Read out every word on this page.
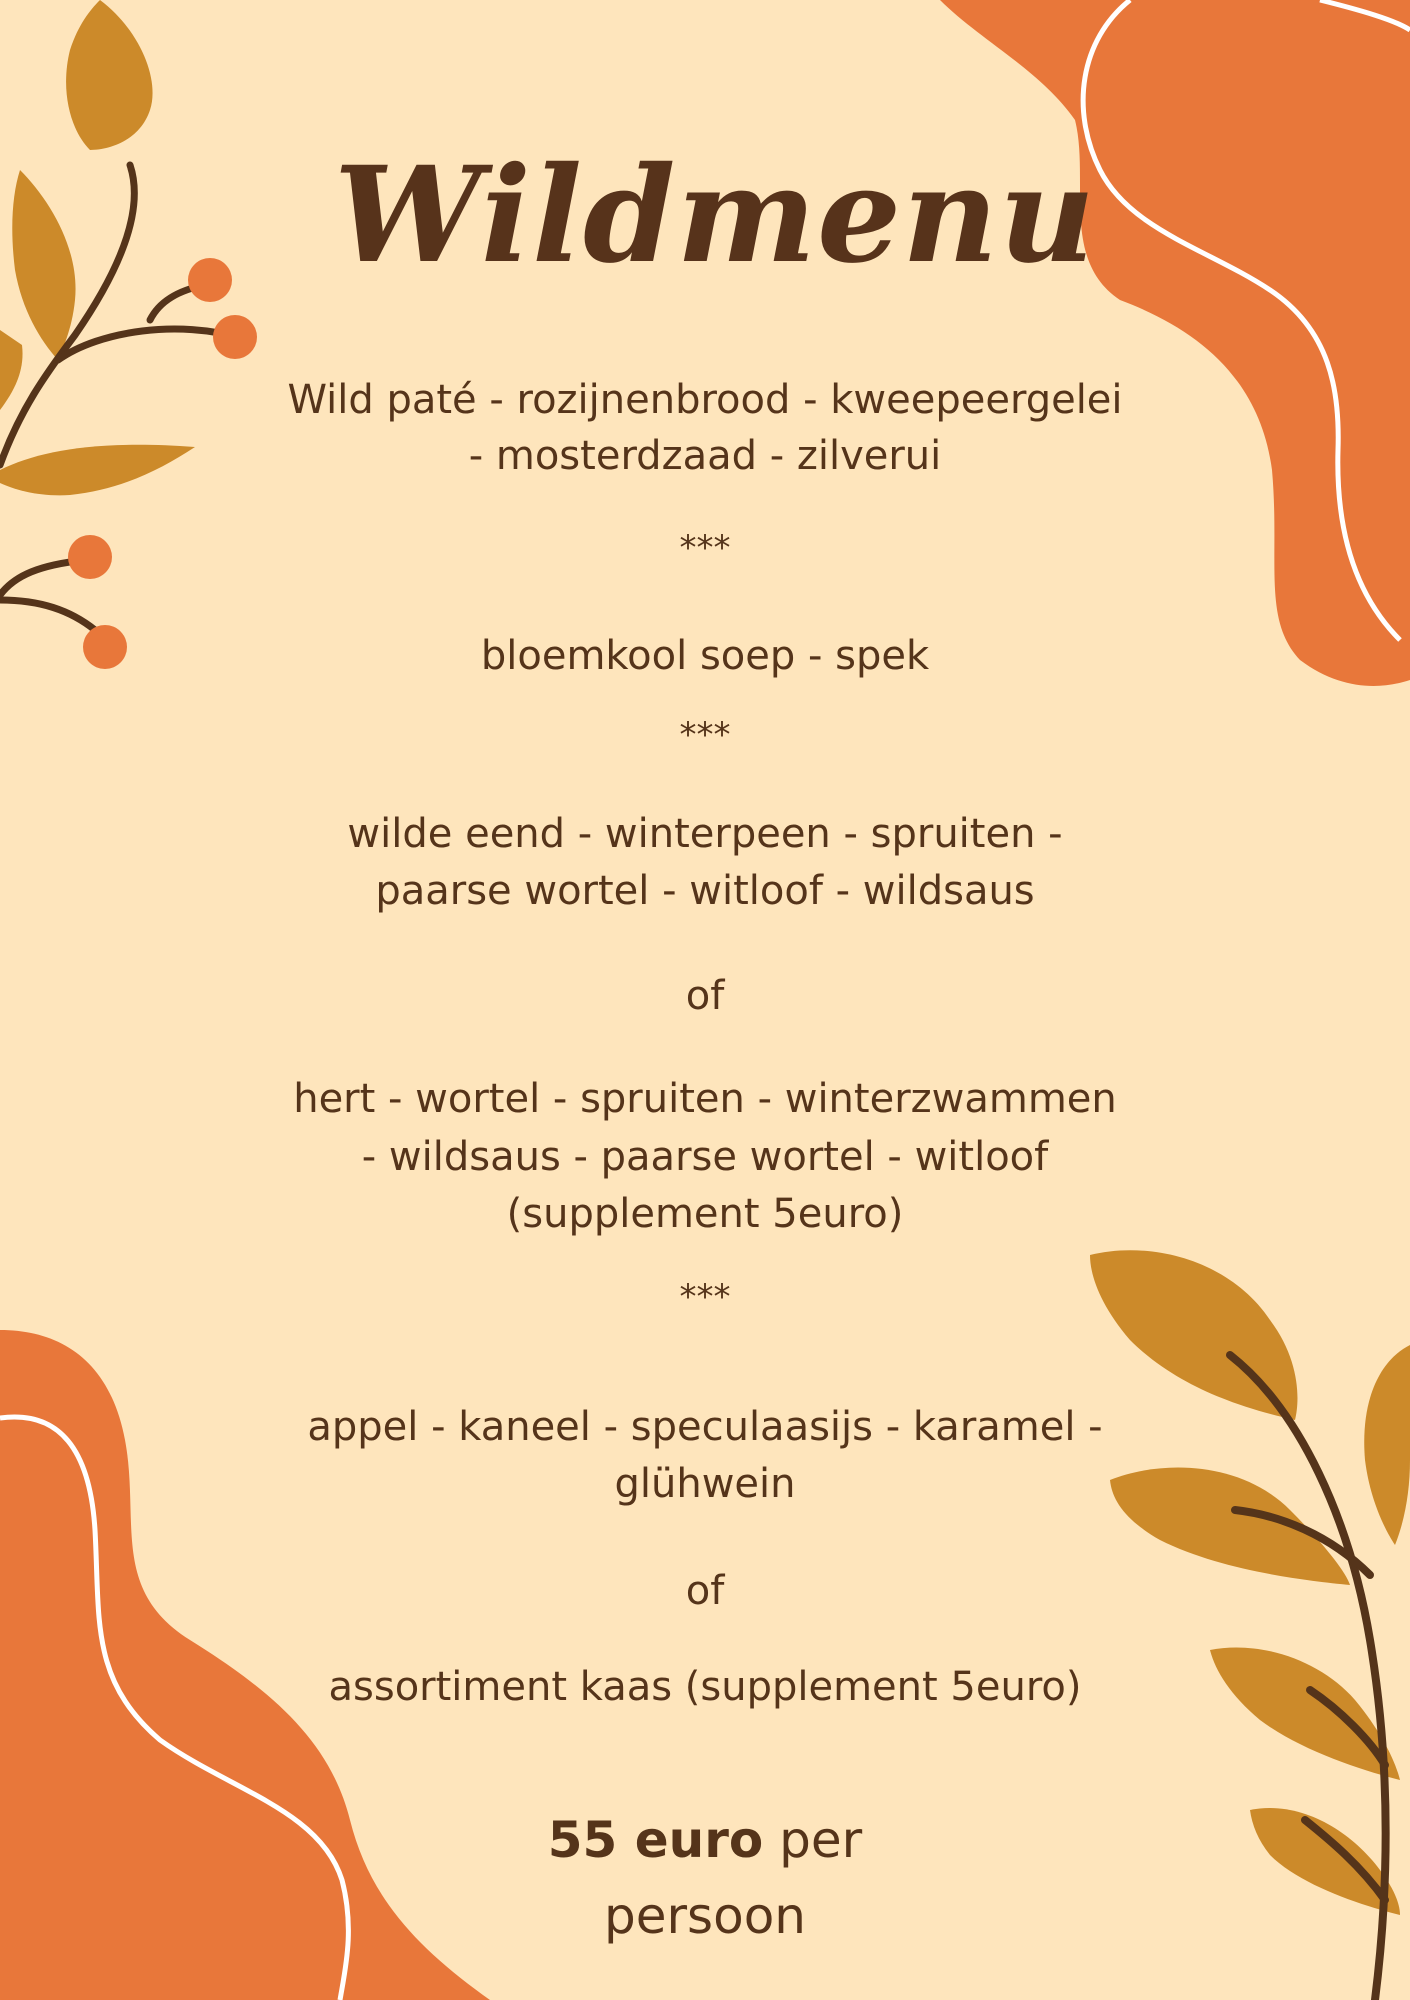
Wildmenu
Wild paté - rozijnenbrood - kweepeergelei
- mosterdzaad - zilverui
***
bloemkool soep - spek
***
wilde eend - winterpeen - spruiten -
paarse wortel - witloof - wildsaus
of
hert - wortel - spruiten - winterzwammen
- wildsaus - paarse wortel - witloof
(supplement 5euro)
***
appel - kaneel - speculaasijs - karamel -
glühwein
of
assortiment kaas (supplement 5euro)
55 euro per
persoon
